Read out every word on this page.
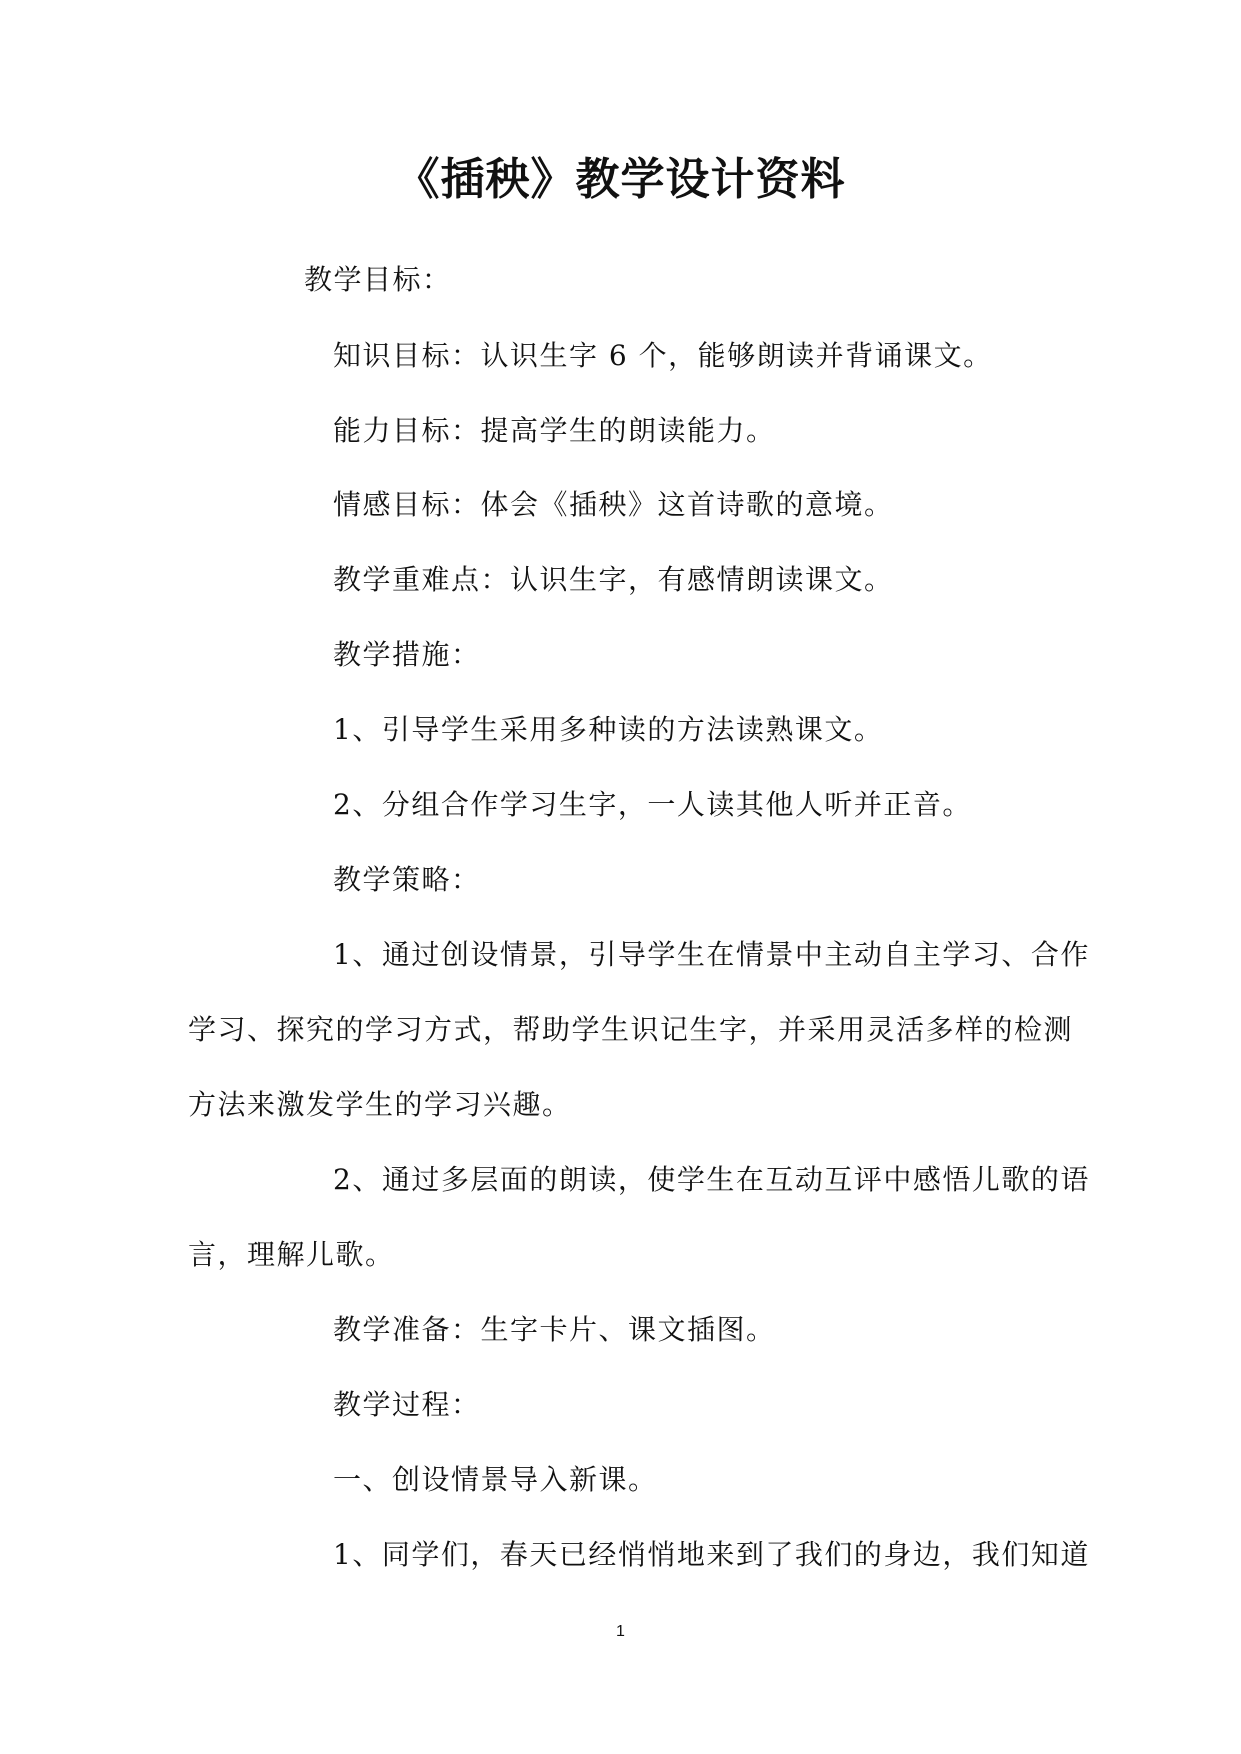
《插秧》教学设计资料
教学目标：
知识目标：认识生字 6 个，能够朗读并背诵课文。
能力目标：提高学生的朗读能力。
情感目标：体会《插秧》这首诗歌的意境。
教学重难点：认识生字，有感情朗读课文。
教学措施：
1、引导学生采用多种读的方法读熟课文。
2、分组合作学习生字，一人读其他人听并正音。
教学策略：
1、通过创设情景，引导学生在情景中主动自主学习、合作
学习、探究的学习方式，帮助学生识记生字，并采用灵活多样的检测
方法来激发学生的学习兴趣。
2、通过多层面的朗读，使学生在互动互评中感悟儿歌的语
言，理解儿歌。
教学准备：生字卡片、课文插图。
教学过程：
一、创设情景导入新课。
1、同学们，春天已经悄悄地来到了我们的身边，我们知道
1
